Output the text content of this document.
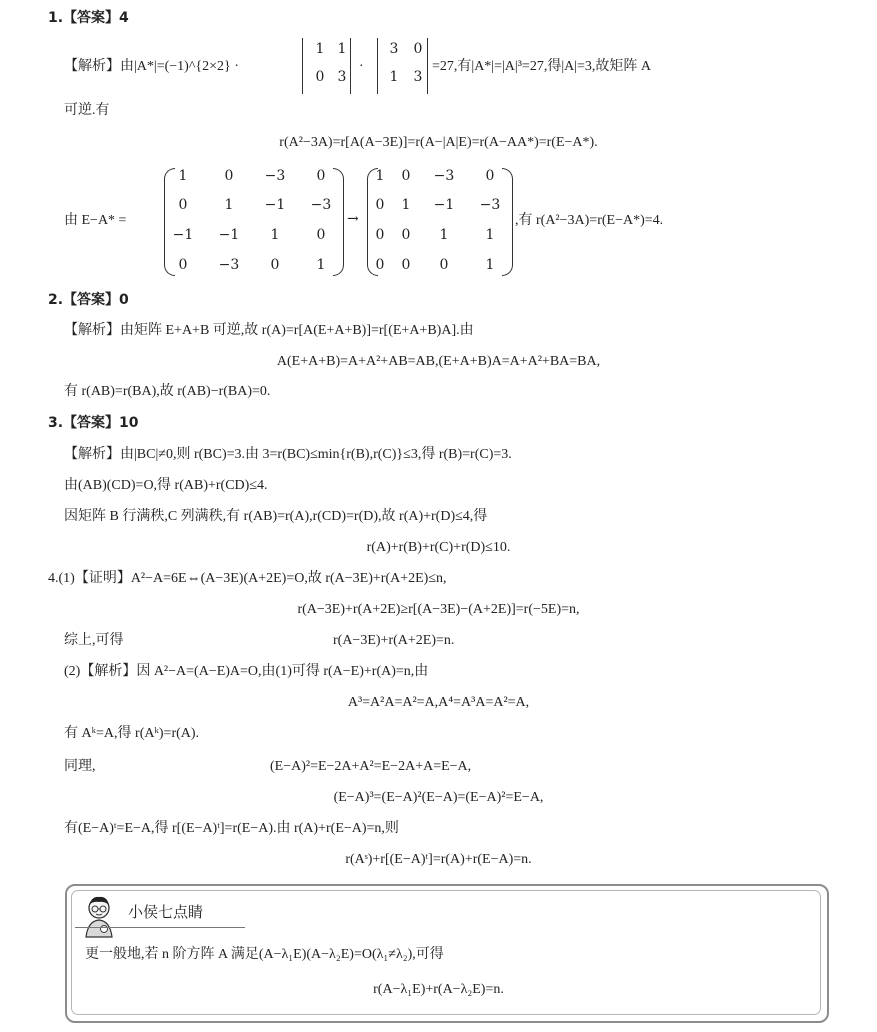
1.【答案】4
【解析】由|A*|=(−1)^{2×2} ·
1 1
0 3
·
3	0
1	3
=27,有|A*|=|A|³=27,得|A|=3,故矩阵 A
可逆.有
r(A²−3A)=r[A(A−3E)]=r(A−|A|E)=r(A−AA*)=r(E−A*).
由 E−A* =
1	0	−3	0
0	1	−1	−3
−1	−1	1	0
0	−3	0	1
→
1	0	−3	0
0	1	−1	−3
0	0	1	1
0	0	0	1
,有 r(A²−3A)=r(E−A*)=4.
2.【答案】0
【解析】由矩阵 E+A+B 可逆,故 r(A)=r[A(E+A+B)]=r[(E+A+B)A].由
A(E+A+B)=A+A²+AB=AB,(E+A+B)A=A+A²+BA=BA,
有 r(AB)=r(BA),故 r(AB)−r(BA)=0.
3.【答案】10
【解析】由|BC|≠0,则 r(BC)=3.由 3=r(BC)≤min{r(B),r(C)}≤3,得 r(B)=r(C)=3.
由(AB)(CD)=O,得 r(AB)+r(CD)≤4.
因矩阵 B 行满秩,C 列满秩,有 r(AB)=r(A),r(CD)=r(D),故 r(A)+r(D)≤4,得
r(A)+r(B)+r(C)+r(D)≤10.
4.(1)【证明】A²−A=6E⇔(A−3E)(A+2E)=O,故 r(A−3E)+r(A+2E)≤n,
r(A−3E)+r(A+2E)≥r[(A−3E)−(A+2E)]=r(−5E)=n,
综上,可得	r(A−3E)+r(A+2E)=n.
(2)【解析】因 A²−A=(A−E)A=O,由(1)可得 r(A−E)+r(A)=n,由
A³=A²A=A²=A,A⁴=A³A=A²=A,
有 Aᵏ=A,得 r(Aᵏ)=r(A).
同理,	(E−A)²=E−2A+A²=E−2A+A=E−A,
(E−A)³=(E−A)²(E−A)=(E−A)²=E−A,
有(E−A)ᵗ=E−A,得 r[(E−A)ᵗ]=r(E−A).由 r(A)+r(E−A)=n,则
r(Aˢ)+r[(E−A)ᵗ]=r(A)+r(E−A)=n.
小侯七点睛
更一般地,若 n 阶方阵 A 满足(A−λ₁E)(A−λ₂E)=O(λ₁≠λ₂),可得
r(A−λ₁E)+r(A−λ₂E)=n.
